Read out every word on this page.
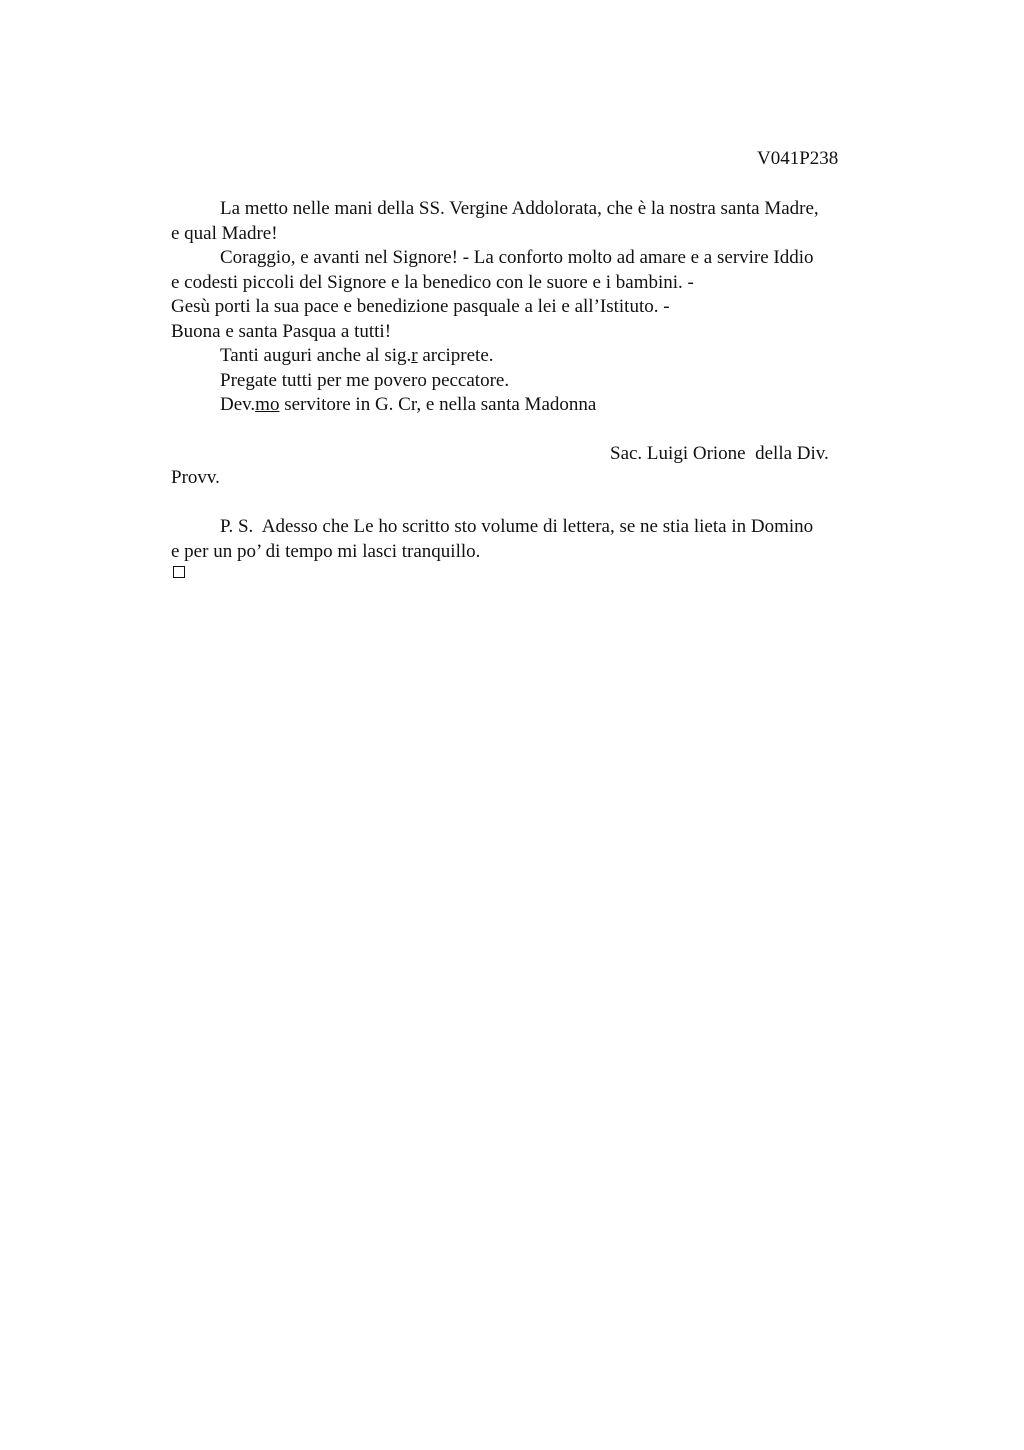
V041P238
La metto nelle mani della SS. Vergine Addolorata, che è la nostra santa Madre,
e qual Madre!
Coraggio, e avanti nel Signore! - La conforto molto ad amare e a servire Iddio
e codesti piccoli del Signore e la benedico con le suore e i bambini. -
Gesù porti la sua pace e benedizione pasquale a lei e all’Istituto. -
Buona e santa Pasqua a tutti!
Tanti auguri anche al sig.r arciprete.
Pregate tutti per me povero peccatore.
Dev.mo servitore in G. Cr, e nella santa Madonna
Sac. Luigi Orione  della Div.
Provv.
P. S.  Adesso che Le ho scritto sto volume di lettera, se ne stia lieta in Domino
e per un po’ di tempo mi lasci tranquillo.
